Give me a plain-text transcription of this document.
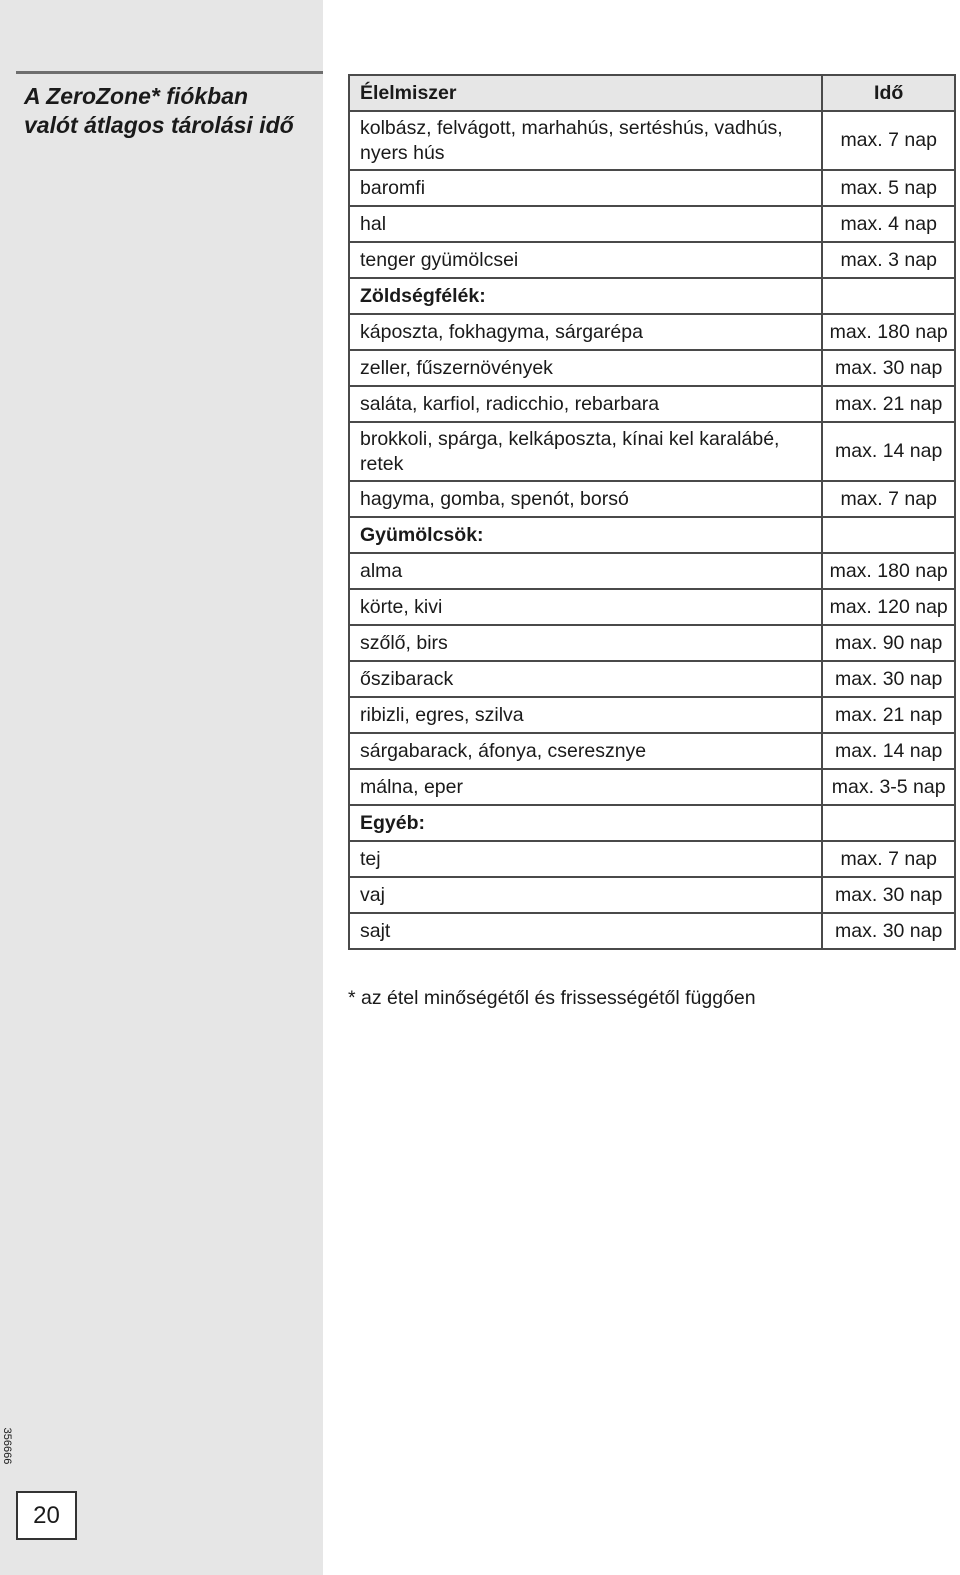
A ZeroZone* fiókban
valót átlagos tárolási idő
356666
20
Élelmiszer	Idő
kolbász, felvágott, marhahús, sertéshús, vadhús, nyers hús	max. 7 nap
baromfi	max. 5 nap
hal	max. 4 nap
tenger gyümölcsei	max. 3 nap
Zöldségfélék:	
káposzta, fokhagyma, sárgarépa	max. 180 nap
zeller, fűszernövények	max. 30 nap
saláta, karfiol, radicchio, rebarbara	max. 21 nap
brokkoli, spárga, kelkáposzta, kínai kel karalábé, retek	max. 14 nap
hagyma, gomba, spenót, borsó	max. 7 nap
Gyümölcsök:	
alma	max. 180 nap
körte, kivi	max. 120 nap
szőlő, birs	max. 90 nap
őszibarack	max. 30 nap
ribizli, egres, szilva	max. 21 nap
sárgabarack, áfonya, cseresznye	max. 14 nap
málna, eper	max. 3-5 nap
Egyéb:	
tej	max. 7 nap
vaj	max. 30 nap
sajt	max. 30 nap
* az étel minőségétől és frissességétől függően
